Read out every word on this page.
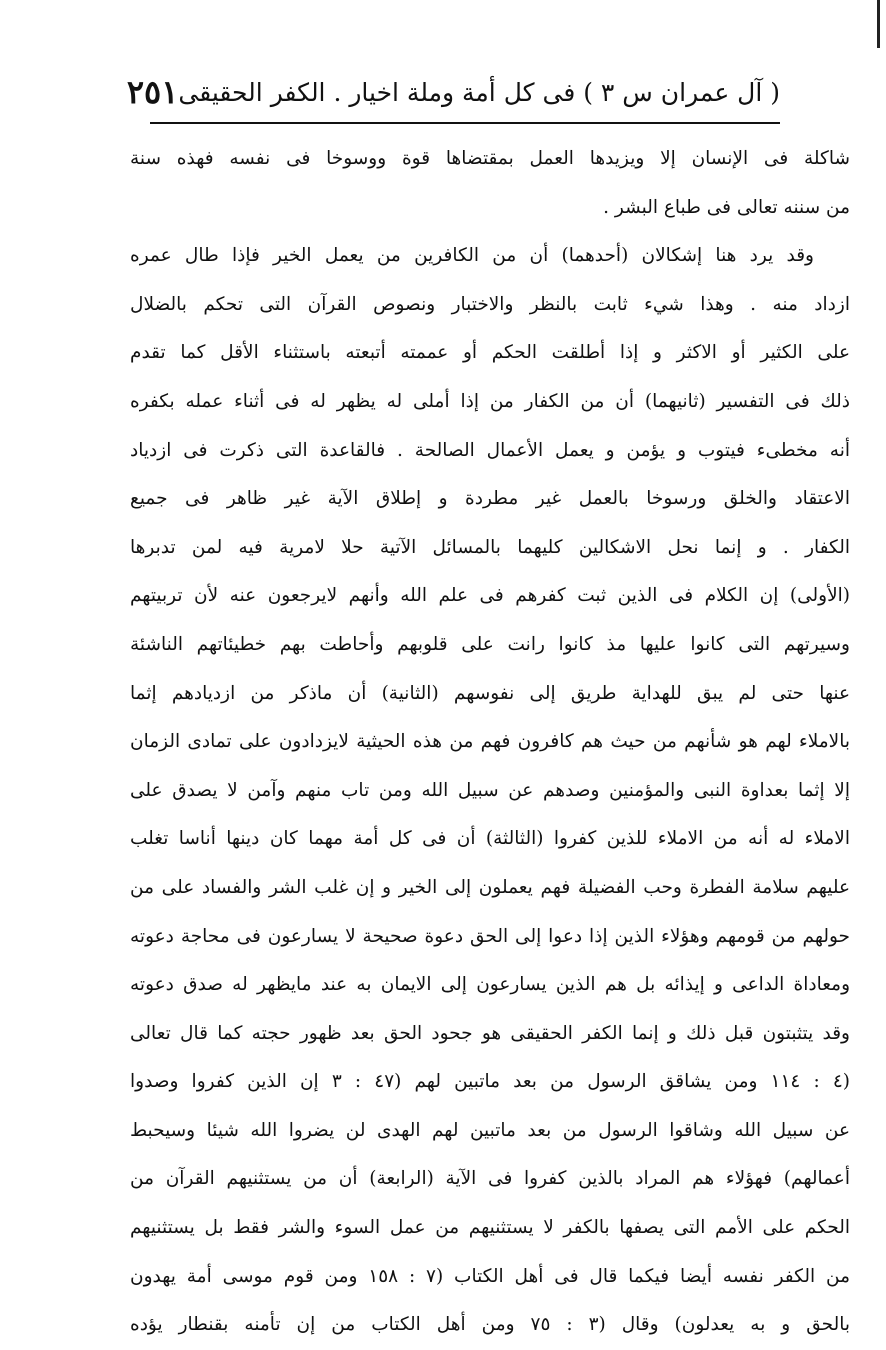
( آل عمران س ٣ ) فى كل أمة وملة اخيار . الكفر الحقيقى
٢٥١
شاكلة فى الإنسان إلا ويزيدها العمل بمقتضاها قوة ووسوخا فى نفسه فهذه سنة
من سننه تعالى فى طباع البشر .
وقد يرد هنا إشكالان (أحدهما) أن من الكافرين من يعمل الخير فإذا طال عمره
ازداد منه . وهذا شيء ثابت بالنظر والاختبار ونصوص القرآن التى تحكم بالضلال
على الكثير أو الاكثر و إذا أطلقت الحكم أو عممته أتبعته باستثناء الأقل كما تقدم
ذلك فى التفسير (ثانيهما) أن من الكفار من إذا أملى له يظهر له فى أثناء عمله بكفره
أنه مخطىء فيتوب و يؤمن و يعمل الأعمال الصالحة . فالقاعدة التى ذكرت فى ازدياد
الاعتقاد والخلق ورسوخا بالعمل غير مطردة و إطلاق الآية غير ظاهر فى جميع
الكفار . و إنما نحل الاشكالين كليهما بالمسائل الآتية حلا لامرية فيه لمن تدبرها
(الأولى) إن الكلام فى الذين ثبت كفرهم فى علم الله وأنهم لايرجعون عنه لأن تربيتهم
وسيرتهم التى كانوا عليها مذ كانوا رانت على قلوبهم وأحاطت بهم خطيئاتهم الناشئة
عنها حتى لم يبق للهداية طريق إلى نفوسهم (الثانية) أن ماذكر من ازديادهم إثما
بالاملاء لهم هو شأنهم من حيث هم كافرون فهم من هذه الحيثية لايزدادون على تمادى الزمان
إلا إثما بعداوة النبى والمؤمنين وصدهم عن سبيل الله ومن تاب منهم وآمن لا يصدق على
الاملاء له أنه من الاملاء للذين كفروا (الثالثة) أن فى كل أمة مهما كان دينها أناسا تغلب
عليهم سلامة الفطرة وحب الفضيلة فهم يعملون إلى الخير و إن غلب الشر والفساد على من
حولهم من قومهم وهؤلاء الذين إذا دعوا إلى الحق دعوة صحيحة لا يسارعون فى محاجة دعوته
ومعاداة الداعى و إيذائه بل هم الذين يسارعون إلى الايمان به عند مايظهر له صدق دعوته
وقد يتثبتون قبل ذلك و إنما الكفر الحقيقى هو جحود الحق بعد ظهور حجته كما قال تعالى
(٤ : ١١٤ ومن يشاقق الرسول من بعد ماتبين لهم (٤٧ : ٣ إن الذين كفروا وصدوا
عن سبيل الله وشاقوا الرسول من بعد ماتبين لهم الهدى لن يضروا الله شيئا وسيحبط
أعمالهم) فهؤلاء هم المراد بالذين كفروا فى الآية (الرابعة) أن من يستثنيهم القرآن من
الحكم على الأمم التى يصفها بالكفر لا يستثنيهم من عمل السوء والشر فقط بل يستثنيهم
من الكفر نفسه أيضا فيكما قال فى أهل الكتاب (٧ : ١٥٨ ومن قوم موسى أمة يهدون
بالحق و به يعدلون) وقال (٣ : ٧٥ ومن أهل الكتاب من إن تأمنه بقنطار يؤده
